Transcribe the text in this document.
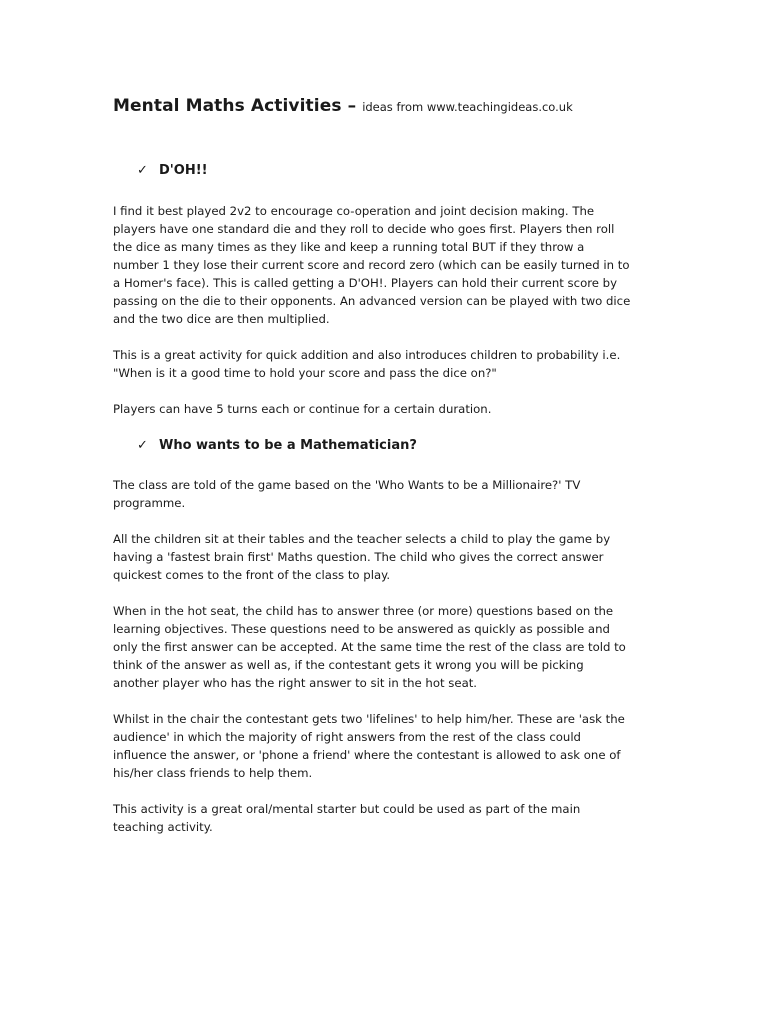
Mental Maths Activities – ideas from www.teachingideas.co.uk
✓ D'OH!!

I find it best played 2v2 to encourage co-operation and joint decision making. The players have one standard die and they roll to decide who goes first. Players then roll the dice as many times as they like and keep a running total BUT if they throw a number 1 they lose their current score and record zero (which can be easily turned in to a Homer's face). This is called getting a D'OH!. Players can hold their current score by passing on the die to their opponents. An advanced version can be played with two dice and the two dice are then multiplied.

This is a great activity for quick addition and also introduces children to probability i.e. "When is it a good time to hold your score and pass the dice on?"

Players can have 5 turns each or continue for a certain duration.

✓ Who wants to be a Mathematician?

The class are told of the game based on the 'Who Wants to be a Millionaire?' TV programme.

All the children sit at their tables and the teacher selects a child to play the game by having a 'fastest brain first' Maths question. The child who gives the correct answer quickest comes to the front of the class to play.

When in the hot seat, the child has to answer three (or more) questions based on the learning objectives. These questions need to be answered as quickly as possible and only the first answer can be accepted. At the same time the rest of the class are told to think of the answer as well as, if the contestant gets it wrong you will be picking another player who has the right answer to sit in the hot seat.

Whilst in the chair the contestant gets two 'lifelines' to help him/her. These are 'ask the audience' in which the majority of right answers from the rest of the class could influence the answer, or 'phone a friend' where the contestant is allowed to ask one of his/her class friends to help them.

This activity is a great oral/mental starter but could be used as part of the main teaching activity.
